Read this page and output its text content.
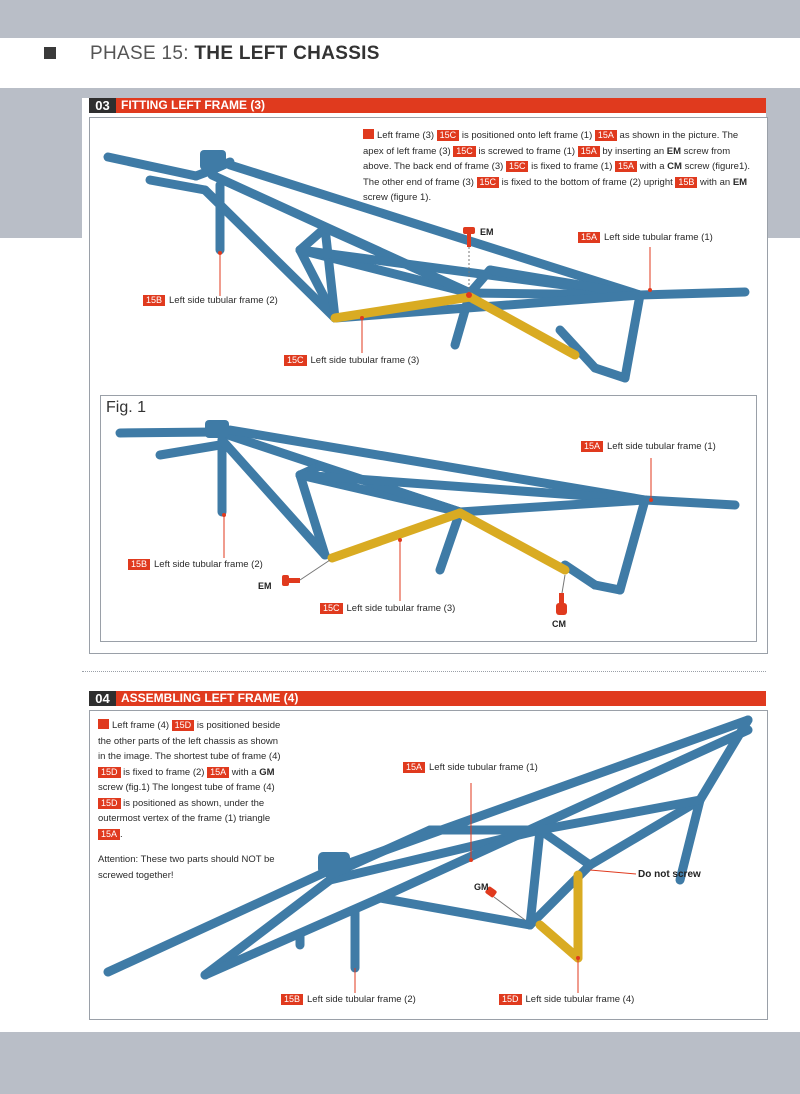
PHASE 15: THE LEFT CHASSIS
03 FITTING LEFT FRAME (3)
Left frame (3) 15C is positioned onto left frame (1) 15A as shown in the picture. The apex of left frame (3) 15C is screwed to frame (1) 15A by inserting an EM screw from above. The back end of frame (3) 15C is fixed to frame (1) 15A with a CM screw (figure1). The other end of frame (3) 15C is fixed to the bottom of frame (2) upright 15B with an EM screw (figure 1).
EM	15A Left side tubular frame (1)
15B Left side tubular frame (2)
15C Left side tubular frame (3)
Fig. 1
15A Left side tubular frame (1)
15B Left side tubular frame (2)
15C Left side tubular frame (3)
EM
CM
04 ASSEMBLING LEFT FRAME (4)
Left frame (4) 15D is positioned beside the other parts of the left chassis as shown in the image. The shortest tube of frame (4) 15D is fixed to frame (2) 15A with a GM screw (fig.1) The longest tube of frame (4) 15D is positioned as shown, under the outermost vertex of the frame (1) triangle 15A .
Attention: These two parts should NOT be screwed together!
15A Left side tubular frame (1)
15B Left side tubular frame (2)	15D Left side tubular frame (4)
GM
Do not screw
